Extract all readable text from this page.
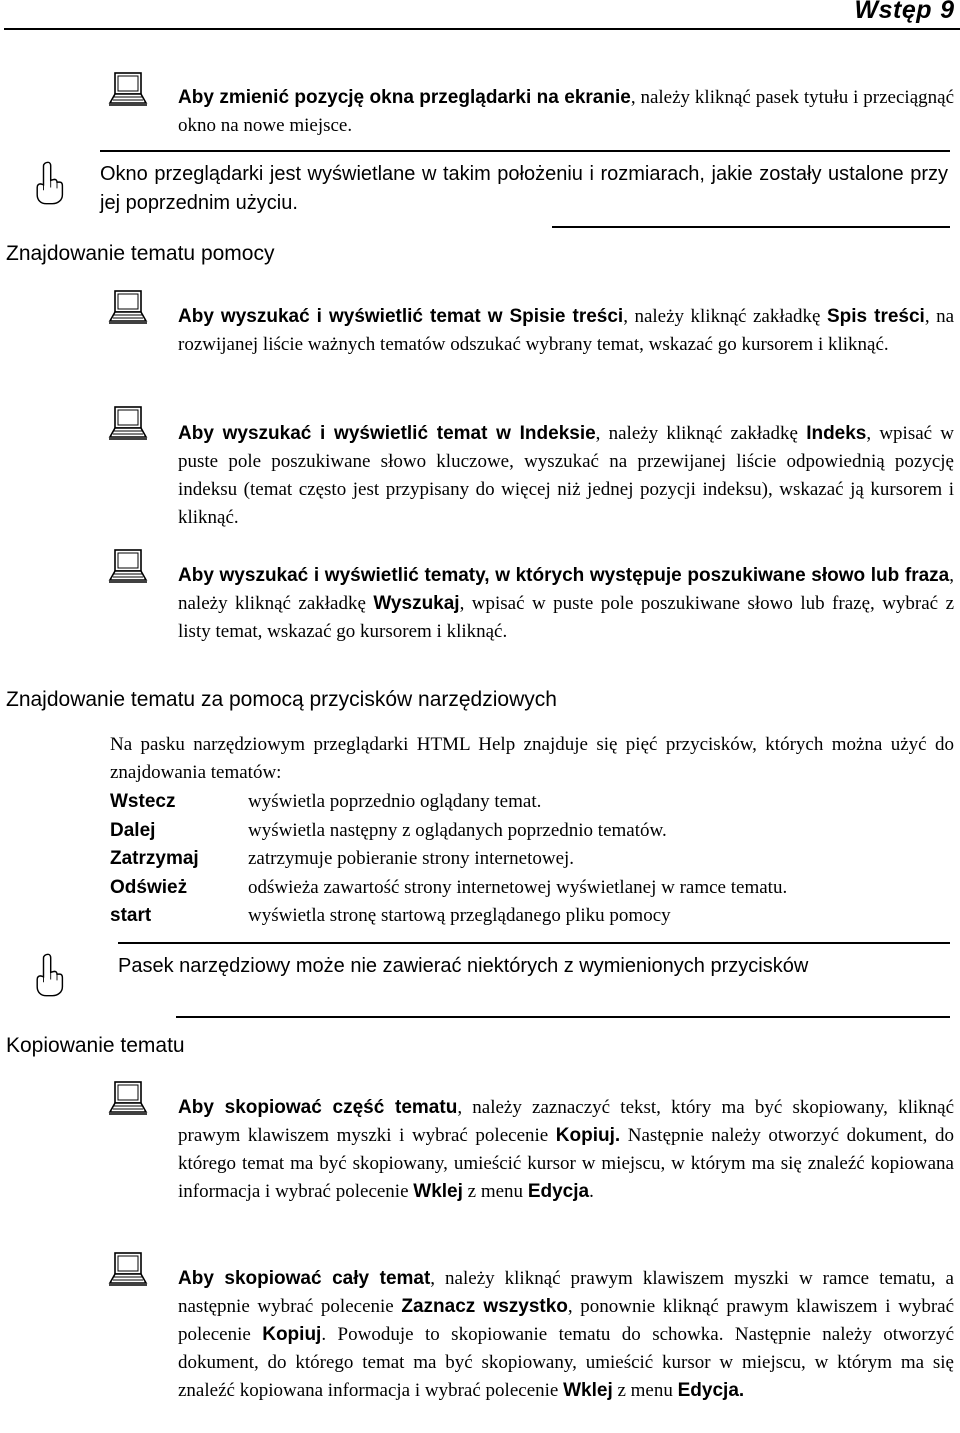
Wstęp 9
Aby zmienić pozycję okna przeglądarki na ekranie, należy kliknąć pasek tytułu i przeciągnąć okno na nowe miejsce.
Okno przeglądarki jest wyświetlane w takim położeniu i rozmiarach, jakie zostały ustalone przy jej poprzednim użyciu.
Znajdowanie tematu pomocy
Aby wyszukać i wyświetlić temat w Spisie treści, należy kliknąć zakładkę Spis treści, na rozwijanej liście ważnych tematów odszukać wybrany temat, wskazać go kursorem i kliknąć.
Aby wyszukać i wyświetlić temat w Indeksie, należy kliknąć zakładkę Indeks, wpisać w puste pole poszukiwane słowo kluczowe, wyszukać na przewijanej liście odpowiednią pozycję indeksu (temat często jest przypisany do więcej niż jednej pozycji indeksu), wskazać ją kursorem i kliknąć.
Aby wyszukać i wyświetlić tematy, w których występuje poszukiwane słowo lub fraza, należy kliknąć zakładkę Wyszukaj, wpisać w puste pole poszukiwane słowo lub frazę, wybrać z listy temat, wskazać go kursorem i kliknąć.
Znajdowanie tematu za pomocą przycisków narzędziowych
Na pasku narzędziowym przeglądarki HTML Help znajduje się pięć przycisków, których można użyć do znajdowania tematów:
Wstecz	wyświetla poprzednio oglądany temat.
Dalej	wyświetla następny z oglądanych poprzednio tematów.
Zatrzymaj	zatrzymuje pobieranie strony internetowej.
Odśwież	odświeża zawartość strony internetowej wyświetlanej w ramce tematu.
start	wyświetla stronę startową przeglądanego pliku pomocy
Pasek narzędziowy może nie zawierać niektórych z wymienionych przycisków
Kopiowanie tematu
Aby skopiować część tematu, należy zaznaczyć tekst, który ma być skopiowany, kliknąć prawym klawiszem myszki i wybrać polecenie Kopiuj. Następnie należy otworzyć dokument, do którego temat ma być skopiowany, umieścić kursor w miejscu, w którym ma się znaleźć kopiowana informacja i wybrać polecenie Wklej z menu Edycja.
Aby skopiować cały temat, należy kliknąć prawym klawiszem myszki w ramce tematu, a następnie wybrać polecenie Zaznacz wszystko, ponownie kliknąć prawym klawiszem i wybrać polecenie Kopiuj. Powoduje to skopiowanie tematu do schowka. Następnie należy otworzyć dokument, do którego temat ma być skopiowany, umieścić kursor w miejscu, w którym ma się znaleźć kopiowana informacja i wybrać polecenie Wklej z menu Edycja.
